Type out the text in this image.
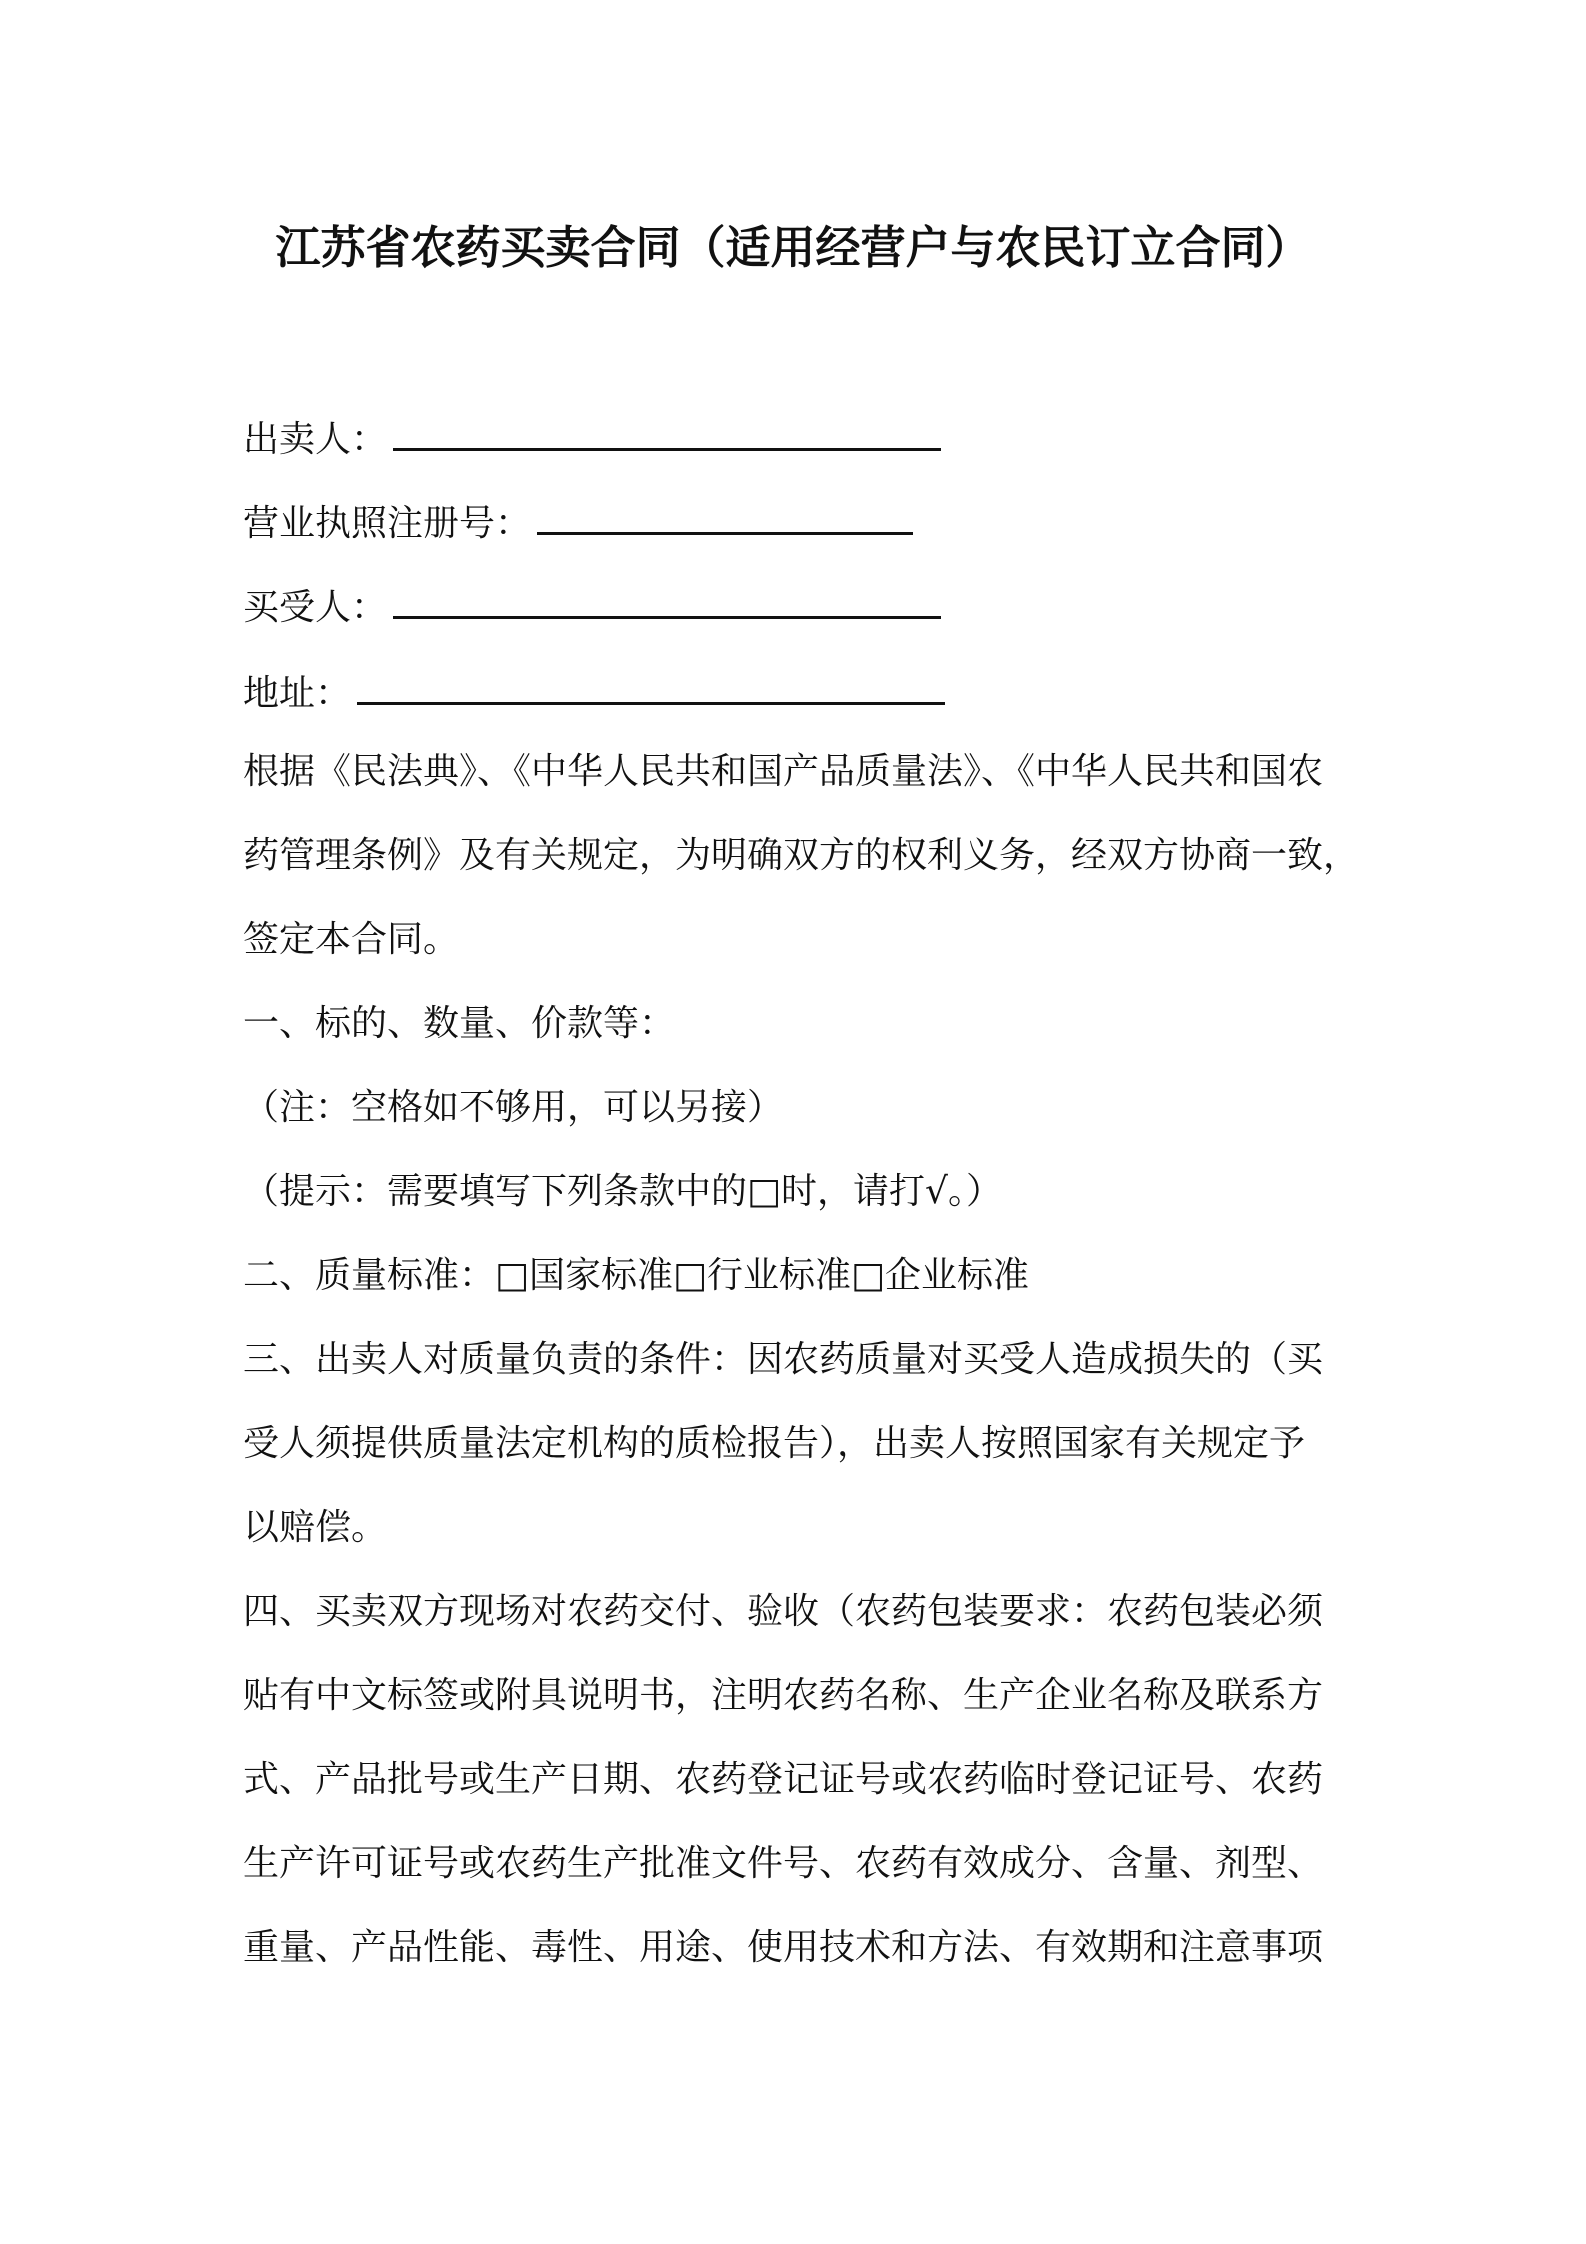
江苏省农药买卖合同（适用经营户与农民订立合同）

出卖人：

营业执照注册号：

买受人：

地址：

根据《民法典》、《中华人民共和国产品质量法》、《中华人民共和国农
药管理条例》及有关规定，为明确双方的权利义务，经双方协商一致，
签定本合同。
一、标的、数量、价款等：
（注：空格如不够用，可以另接）
（提示：需要填写下列条款中的□时，请打√。）
二、质量标准：□国家标准□行业标准□企业标准
三、出卖人对质量负责的条件：因农药质量对买受人造成损失的（买
受人须提供质量法定机构的质检报告），出卖人按照国家有关规定予
以赔偿。
四、买卖双方现场对农药交付、验收（农药包装要求：农药包装必须
贴有中文标签或附具说明书，注明农药名称、生产企业名称及联系方
式、产品批号或生产日期、农药登记证号或农药临时登记证号、农药
生产许可证号或农药生产批准文件号、农药有效成分、含量、剂型、
重量、产品性能、毒性、用途、使用技术和方法、有效期和注意事项
